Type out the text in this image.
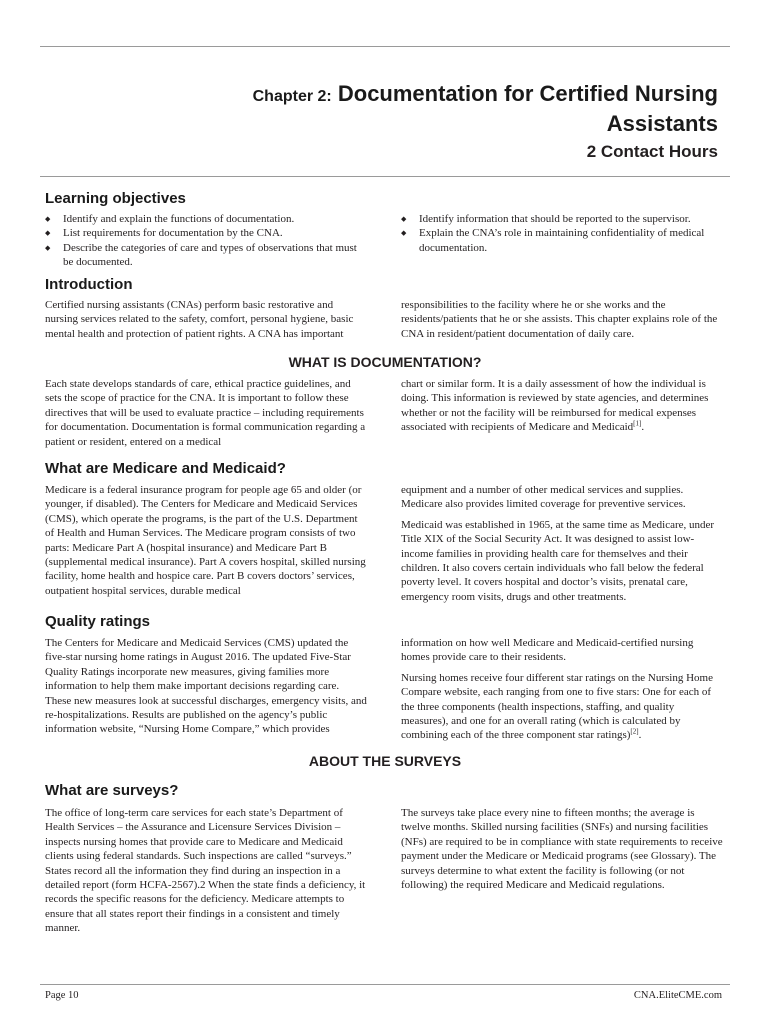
Chapter 2: Documentation for Certified Nursing
Assistants
2 Contact Hours
Learning objectives
◆ Identify and explain the functions of documentation.
◆ List requirements for documentation by the CNA.
◆ Describe the categories of care and types of observations that must be documented.
◆ Identify information that should be reported to the supervisor.
◆ Explain the CNA’s role in maintaining confidentiality of medical documentation.
Introduction

Certified nursing assistants (CNAs) perform basic restorative and nursing services related to the safety, comfort, personal hygiene, basic mental health and protection of patient rights. A CNA has important

responsibilities to the facility where he or she works and the residents/patients that he or she assists. This chapter explains role of the CNA in resident/patient documentation of daily care.

WHAT IS DOCUMENTATION?

Each state develops standards of care, ethical practice guidelines, and sets the scope of practice for the CNA. It is important to follow these directives that will be used to evaluate practice – including requirements for documentation. Documentation is formal communication regarding a patient or resident, entered on a medical

chart or similar form. It is a daily assessment of how the individual is doing. This information is reviewed by state agencies, and determines whether or not the facility will be reimbursed for medical expenses associated with recipients of Medicare and Medicaid[1].

What are Medicare and Medicaid?

Medicare is a federal insurance program for people age 65 and older (or younger, if disabled). The Centers for Medicare and Medicaid Services (CMS), which operate the programs, is the part of the U.S. Department of Health and Human Services. The Medicare program consists of two parts: Medicare Part A (hospital insurance) and Medicare Part B (supplemental medical insurance). Part A covers hospital, skilled nursing facility, home health and hospice care. Part B covers doctors’ services, outpatient hospital services, durable medical

equipment and a number of other medical services and supplies. Medicare also provides limited coverage for preventive services.

Medicaid was established in 1965, at the same time as Medicare, under Title XIX of the Social Security Act. It was designed to assist low-income families in providing health care for themselves and their children. It also covers certain individuals who fall below the federal poverty level. It covers hospital and doctor’s visits, prenatal care, emergency room visits, drugs and other treatments.

Quality ratings

The Centers for Medicare and Medicaid Services (CMS) updated the five-star nursing home ratings in August 2016. The updated Five-Star Quality Ratings incorporate new measures, giving families more information to help them make important decisions regarding care. These new measures look at successful discharges, emergency visits, and re-hospitalizations. Results are published on the agency’s public information website, “Nursing Home Compare,” which provides

information on how well Medicare and Medicaid-certified nursing homes provide care to their residents.

Nursing homes receive four different star ratings on the Nursing Home Compare website, each ranging from one to five stars: One for each of the three components (health inspections, staffing, and quality measures), and one for an overall rating (which is calculated by combining each of the three component star ratings)[2].

ABOUT THE SURVEYS
What are surveys?

The office of long-term care services for each state’s Department of Health Services – the Assurance and Licensure Services Division – inspects nursing homes that provide care to Medicare and Medicaid clients using federal standards. Such inspections are called “surveys.” States record all the information they find during an inspection in a detailed report (form HCFA-2567).2 When the state finds a deficiency, it records the specific reasons for the deficiency. Medicare attempts to ensure that all states report their findings in a consistent and timely manner.

The surveys take place every nine to fifteen months; the average is twelve months. Skilled nursing facilities (SNFs) and nursing facilities (NFs) are required to be in compliance with state requirements to receive payment under the Medicare or Medicaid programs (see Glossary). The surveys determine to what extent the facility is following (or not following) the required Medicare and Medicaid regulations.

Page 10	CNA.EliteCME.com
